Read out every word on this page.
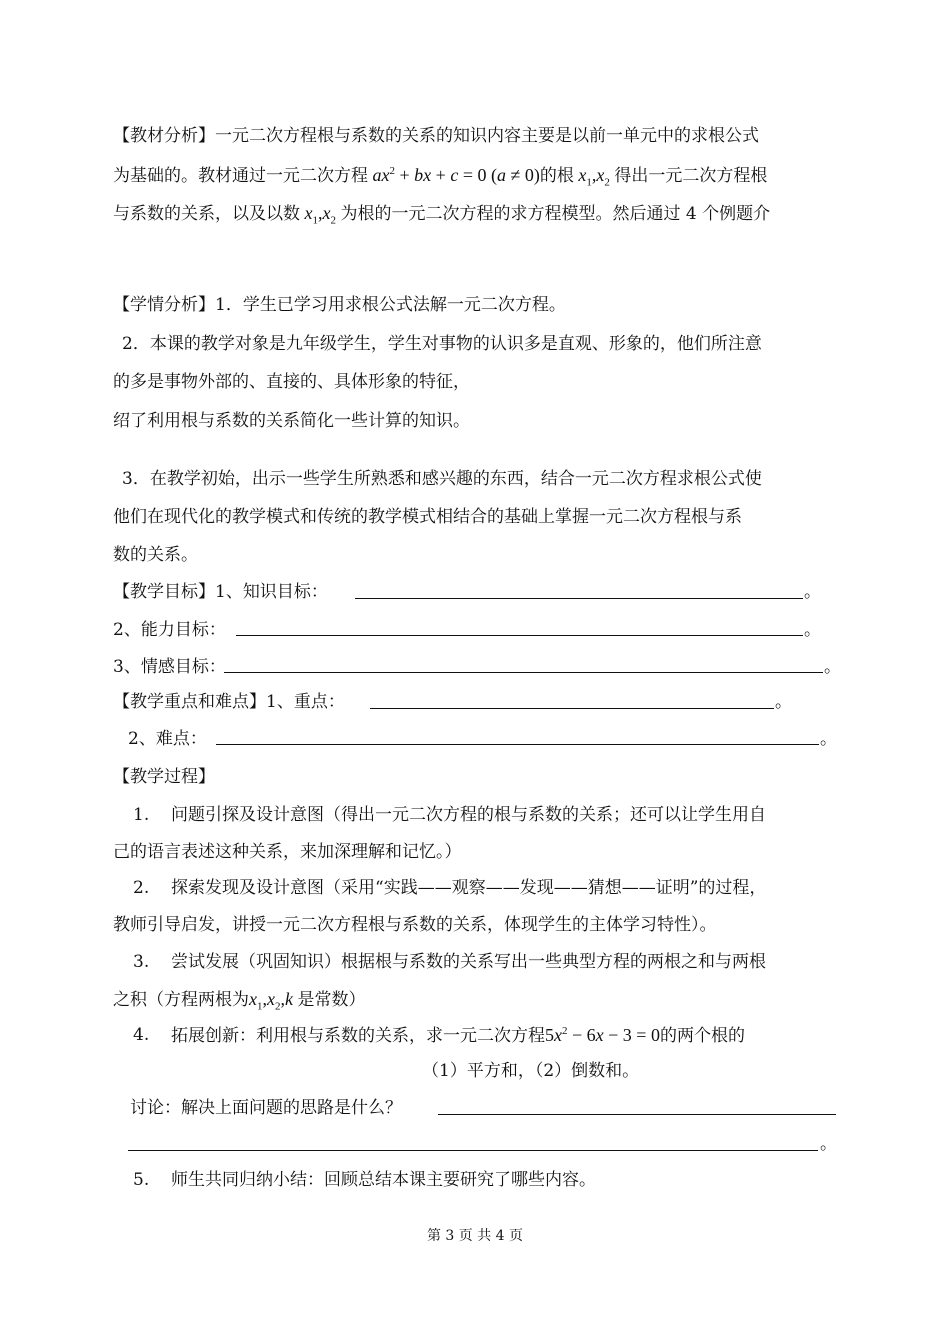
【教材分析】一元二次方程根与系数的关系的知识内容主要是以前一单元中的求根公式
为基础的。教材通过一元二次方程 $ax^2$ + bx + c = 0 (a ≠ 0)的根 $x_1,x_2$ 得出一元二次方程根
与系数的关系，以及以数 $x_1,x_2$ 为根的一元二次方程的求方程模型。然后通过 4 个例题介
【学情分析】1．学生已学习用求根公式法解一元二次方程。
2．本课的教学对象是九年级学生，学生对事物的认识多是直观、形象的，他们所注意
的多是事物外部的、直接的、具体形象的特征，
绍了利用根与系数的关系简化一些计算的知识。
3．在教学初始，出示一些学生所熟悉和感兴趣的东西，结合一元二次方程求根公式使
他们在现代化的教学模式和传统的教学模式相结合的基础上掌握一元二次方程根与系
数的关系。
【教学目标】1、知识目标：	。
2、能力目标：	。
3、情感目标：	。
【教学重点和难点】1、重点：	。
2、难点：	。
【教学过程】
1. 问题引探及设计意图（得出一元二次方程的根与系数的关系；还可以让学生用自
己的语言表述这种关系，来加深理解和记忆。）
2. 探索发现及设计意图（采用“实践——观察——发现——猜想——证明”的过程，
教师引导启发，讲授一元二次方程根与系数的关系，体现学生的主体学习特性）。
3. 尝试发展（巩固知识）根据根与系数的关系写出一些典型方程的两根之和与两根
之积（方程两根为$x_1,x_2,k$ 是常数）
4. 拓展创新：利用根与系数的关系，求一元二次方程$5x^2 - 6x - 3 = 0$的两个根的
（1）平方和，（2）倒数和。
讨论：解决上面问题的思路是什么？
。
5. 师生共同归纳小结：回顾总结本课主要研究了哪些内容。
第 3 页 共 4 页
